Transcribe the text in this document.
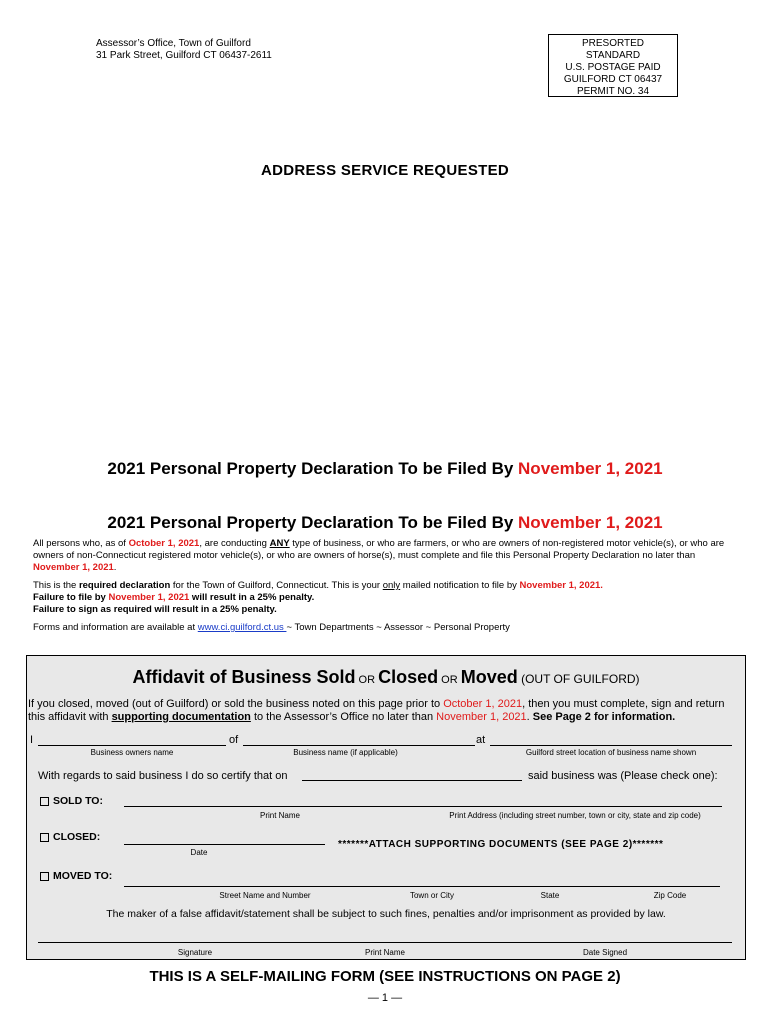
Assessor’s Office, Town of Guilford
31 Park Street, Guilford CT 06437-2611
PRESORTED
STANDARD
U.S. POSTAGE PAID
GUILFORD CT 06437
PERMIT NO. 34
ADDRESS SERVICE REQUESTED
2021 Personal Property Declaration To be Filed By November 1, 2021
2021 Personal Property Declaration To be Filed By November 1, 2021

All persons who, as of October 1, 2021, are conducting ANY type of business, or who are farmers, or who are owners of non-registered motor vehicle(s), or who are owners of non-Connecticut registered motor vehicle(s), or who are owners of horse(s), must complete and file this Personal Property Declaration no later than November 1, 2021.

This is the required declaration for the Town of Guilford, Connecticut. This is your only mailed notification to file by November 1, 2021.

Failure to file by November 1, 2021 will result in a 25% penalty.

Failure to sign as required will result in a 25% penalty.

Forms and information are available at www.ci.guilford.ct.us ~ Town Departments ~ Assessor ~ Personal Property

Affidavit of Business Sold OR Closed OR Moved (OUT OF GUILFORD)
If you closed, moved (out of Guilford) or sold the business noted on this page prior to October 1, 2021, then you must complete, sign and return this affidavit with supporting documentation to the Assessor’s Office no later than November 1, 2021. See Page 2 for information.
I	of	at
Business owners name	Business name (if applicable)	Guilford street location of business name shown
With regards to said business I do so certify that on	said business was (Please check one):
SOLD TO:
Print Name	Print Address (including street number, town or city, state and zip code)
CLOSED:
Date
*******ATTACH SUPPORTING DOCUMENTS (SEE PAGE 2)*******
MOVED TO:
Street Name and Number	Town or City	State	Zip Code
The maker of a false affidavit/statement shall be subject to such fines, penalties and/or imprisonment as provided by law.
Signature	Print Name	Date Signed
THIS IS A SELF-MAILING FORM (SEE INSTRUCTIONS ON PAGE 2)
— 1 —
